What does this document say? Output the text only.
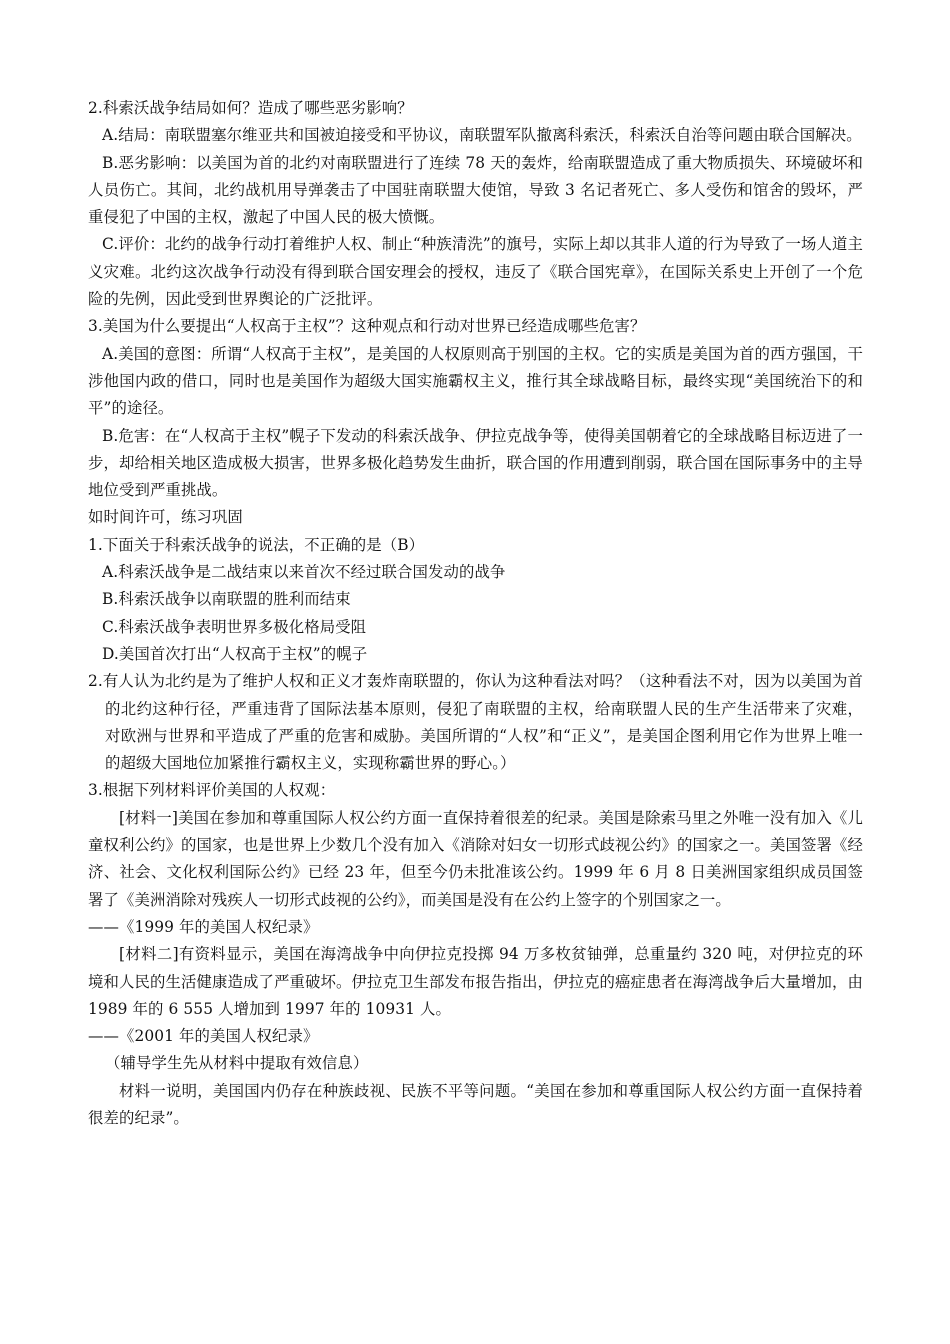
2.科索沃战争结局如何？造成了哪些恶劣影响？

A.结局：南联盟塞尔维亚共和国被迫接受和平协议，南联盟军队撤离科索沃，科索沃自治等问题由联合国解决。

B.恶劣影响：以美国为首的北约对南联盟进行了连续 78 天的轰炸，给南联盟造成了重大物质损失、环境破坏和人员伤亡。其间，北约战机用导弹袭击了中国驻南联盟大使馆，导致 3 名记者死亡、多人受伤和馆舍的毁坏，严重侵犯了中国的主权，激起了中国人民的极大愤慨。

C.评价：北约的战争行动打着维护人权、制止“种族清洗”的旗号，实际上却以其非人道的行为导致了一场人道主义灾难。北约这次战争行动没有得到联合国安理会的授权，违反了《联合国宪章》，在国际关系史上开创了一个危险的先例，因此受到世界舆论的广泛批评。

3.美国为什么要提出“人权高于主权”？这种观点和行动对世界已经造成哪些危害？

A.美国的意图：所谓“人权高于主权”，是美国的人权原则高于别国的主权。它的实质是美国为首的西方强国，干涉他国内政的借口，同时也是美国作为超级大国实施霸权主义，推行其全球战略目标，最终实现“美国统治下的和平”的途径。

B.危害：在“人权高于主权”幌子下发动的科索沃战争、伊拉克战争等，使得美国朝着它的全球战略目标迈进了一步，却给相关地区造成极大损害，世界多极化趋势发生曲折，联合国的作用遭到削弱，联合国在国际事务中的主导地位受到严重挑战。

如时间许可，练习巩固

1.下面关于科索沃战争的说法，不正确的是（B）

A.科索沃战争是二战结束以来首次不经过联合国发动的战争

B.科索沃战争以南联盟的胜利而结束

C.科索沃战争表明世界多极化格局受阻

D.美国首次打出“人权高于主权”的幌子

2.有人认为北约是为了维护人权和正义才轰炸南联盟的，你认为这种看法对吗？（这种看法不对，因为以美国为首的北约这种行径，严重违背了国际法基本原则，侵犯了南联盟的主权，给南联盟人民的生产生活带来了灾难，对欧洲与世界和平造成了严重的危害和威胁。美国所谓的“人权”和“正义”，是美国企图利用它作为世界上唯一的超级大国地位加紧推行霸权主义，实现称霸世界的野心。）

3.根据下列材料评价美国的人权观：

[材料一]美国在参加和尊重国际人权公约方面一直保持着很差的纪录。美国是除索马里之外唯一没有加入《儿童权利公约》的国家，也是世界上少数几个没有加入《消除对妇女一切形式歧视公约》的国家之一。美国签署《经济、社会、文化权利国际公约》已经 23 年，但至今仍未批准该公约。1999 年 6 月 8 日美洲国家组织成员国签署了《美洲消除对残疾人一切形式歧视的公约》，而美国是没有在公约上签字的个别国家之一。

——《1999 年的美国人权纪录》

[材料二]有资料显示，美国在海湾战争中向伊拉克投掷 94 万多枚贫铀弹，总重量约 320 吨，对伊拉克的环境和人民的生活健康造成了严重破坏。伊拉克卫生部发布报告指出，伊拉克的癌症患者在海湾战争后大量增加，由 1989 年的 6 555 人增加到 1997 年的 10931 人。

——《2001 年的美国人权纪录》

（辅导学生先从材料中提取有效信息）

材料一说明，美国国内仍存在种族歧视、民族不平等问题。“美国在参加和尊重国际人权公约方面一直保持着很差的纪录”。
